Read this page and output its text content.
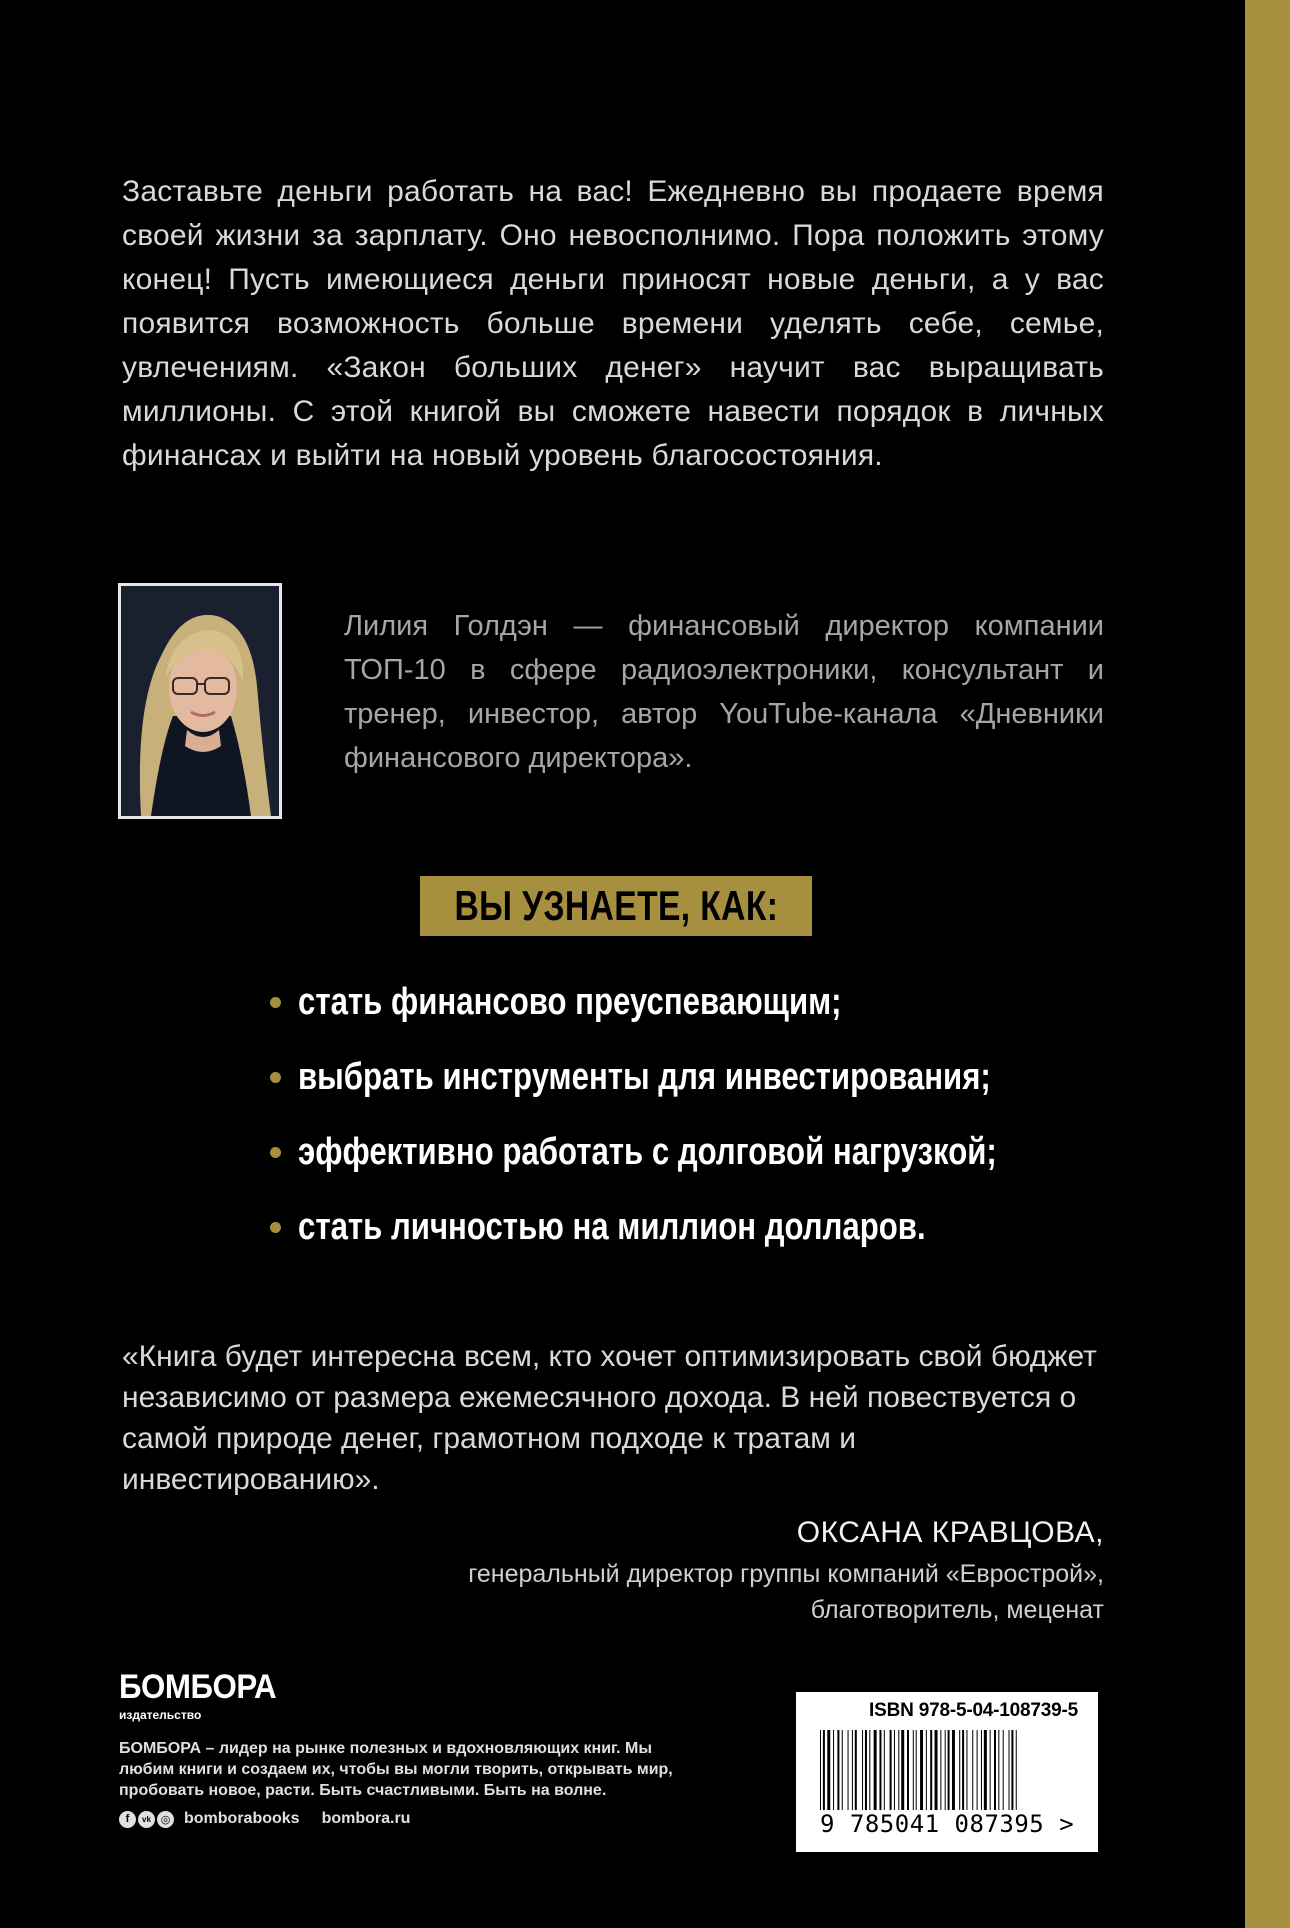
Заставьте деньги работать на вас! Ежедневно вы продаете время своей жизни за зарплату. Оно невосполнимо. Пора положить этому конец! Пусть имеющиеся деньги приносят новые деньги, а у вас появится возможность больше времени уделять себе, семье, увлечениям. «Закон больших денег» научит вас выращивать миллионы. С этой книгой вы сможете навести порядок в личных финансах и выйти на новый уровень благосостояния.
Лилия Голдэн — финансовый директор компании ТОП-10 в сфере радиоэлектроники, консультант и тренер, инвестор, автор YouTube-канала «Дневники финансового директора».
ВЫ УЗНАЕТЕ, КАК:
стать финансово преуспевающим;
выбрать инструменты для инвестирования;
эффективно работать с долговой нагрузкой;
стать личностью на миллион долларов.
«Книга будет интересна всем, кто хочет оптимизировать свой бюджет независимо от размера ежемесячного дохода. В ней повествуется о самой природе денег, грамотном подходе к тратам и инвестированию».
ОКСАНА КРАВЦОВА,
генеральный директор группы компаний «Еврострой»,
благотворитель, меценат
БОМБОРА
издательство
БОМБОРА – лидер на рынке полезных и вдохновляющих книг. Мы любим книги и создаем их, чтобы вы могли творить, открывать мир, пробовать новое, расти. Быть счастливыми. Быть на волне.
f	vk ◎ bomborabooks bombora.ru
ISBN 978-5-04-108739-5
9 785041 087395 >
